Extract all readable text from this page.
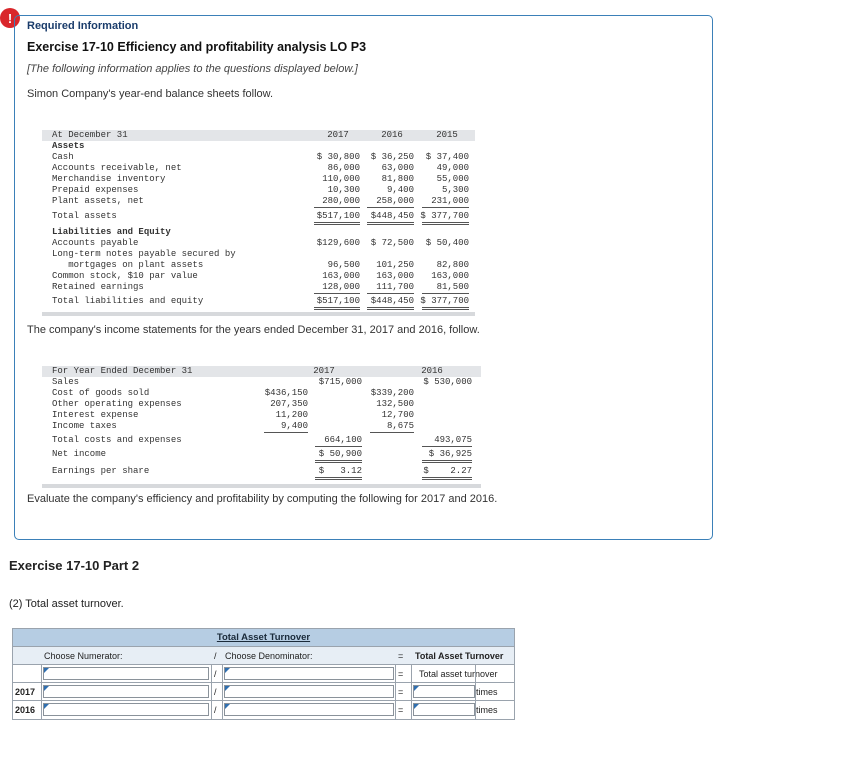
!
Required Information
Exercise 17-10 Efficiency and profitability analysis LO P3
[The following information applies to the questions displayed below.]
Simon Company's year-end balance sheets follow.
At December 31	2017	2016	2015
Assets
Cash	$ 30,800	$ 36,250	$ 37,400
Accounts receivable, net	86,000	63,000	49,000
Merchandise inventory	110,000	81,800	55,000
Prepaid expenses	10,300	9,400	5,300
Plant assets, net	280,000	258,000	231,000
Total assets	$517,100	$448,450 $ 377,700
Liabilities and Equity
Accounts payable	$129,600	$ 72,500	$ 50,400
Long-term notes payable secured by
mortgages on plant assets	96,500	101,250	82,800
Common stock, $10 par value	163,000	163,000	163,000
Retained earnings	128,000	111,700	81,500
Total liabilities and equity	$517,100	$448,450 $ 377,700
The company's income statements for the years ended December 31, 2017 and 2016, follow.
For Year Ended December 31	2017	2016
Sales	$715,000	$ 530,000
Cost of goods sold	$436,150	$339,200
Other operating expenses	207,350	132,500
Interest expense	11,200	12,700
Income taxes	9,400	8,675
Total costs and expenses	664,100	493,075
Net income	$ 50,900	$ 36,925
Earnings per share	$   3.12	$    2.27
Evaluate the company's efficiency and profitability by computing the following for 2017 and 2016.
Exercise 17-10 Part 2
(2) Total asset turnover.
Total Asset Turnover
Choose Numerator:	/ Choose Denominator:	= Total Asset Turnover
/	= Total asset turnover
2017	/	=	times
2016	/	=	times
